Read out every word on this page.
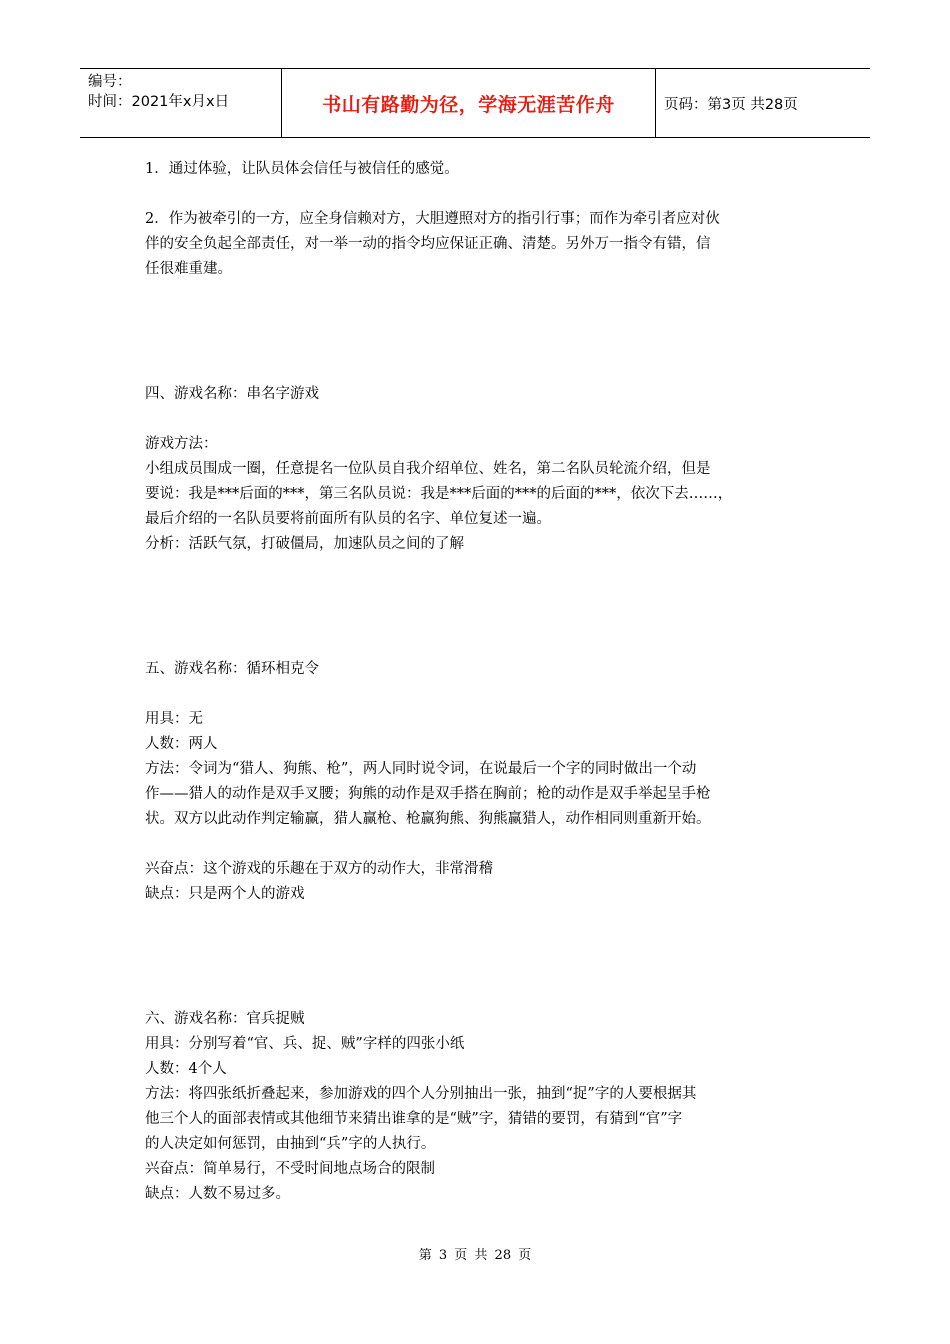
编号：
时间：2021年x月x日	书山有路勤为径，学海无涯苦作舟	页码：第3页 共28页

1．通过体验，让队员体会信任与被信任的感觉。

2．作为被牵引的一方，应全身信赖对方，大胆遵照对方的指引行事；而作为牵引者应对伙

伴的安全负起全部责任，对一举一动的指令均应保证正确、清楚。另外万一指令有错，信

任很难重建。

四、游戏名称：串名字游戏

游戏方法：

小组成员围成一圈，任意提名一位队员自我介绍单位、姓名，第二名队员轮流介绍，但是

要说：我是***后面的***，第三名队员说：我是***后面的***的后面的***，依次下去……，

最后介绍的一名队员要将前面所有队员的名字、单位复述一遍。

分析：活跃气氛，打破僵局，加速队员之间的了解

五、游戏名称：循环相克令

用具：无

人数：两人

方法：令词为“猎人、狗熊、枪”，两人同时说令词，在说最后一个字的同时做出一个动

作——猎人的动作是双手叉腰；狗熊的动作是双手搭在胸前；枪的动作是双手举起呈手枪

状。双方以此动作判定输赢，猎人赢枪、枪赢狗熊、狗熊赢猎人，动作相同则重新开始。

兴奋点：这个游戏的乐趣在于双方的动作大，非常滑稽

缺点：只是两个人的游戏

六、游戏名称：官兵捉贼

用具：分别写着“官、兵、捉、贼”字样的四张小纸

人数：4个人

方法：将四张纸折叠起来，参加游戏的四个人分别抽出一张，抽到“捉”字的人要根据其

他三个人的面部表情或其他细节来猜出谁拿的是“贼”字，猜错的要罚，有猜到“官”字

的人决定如何惩罚，由抽到“兵”字的人执行。

兴奋点：简单易行，不受时间地点场合的限制

缺点：人数不易过多。

第 3 页 共 28 页
